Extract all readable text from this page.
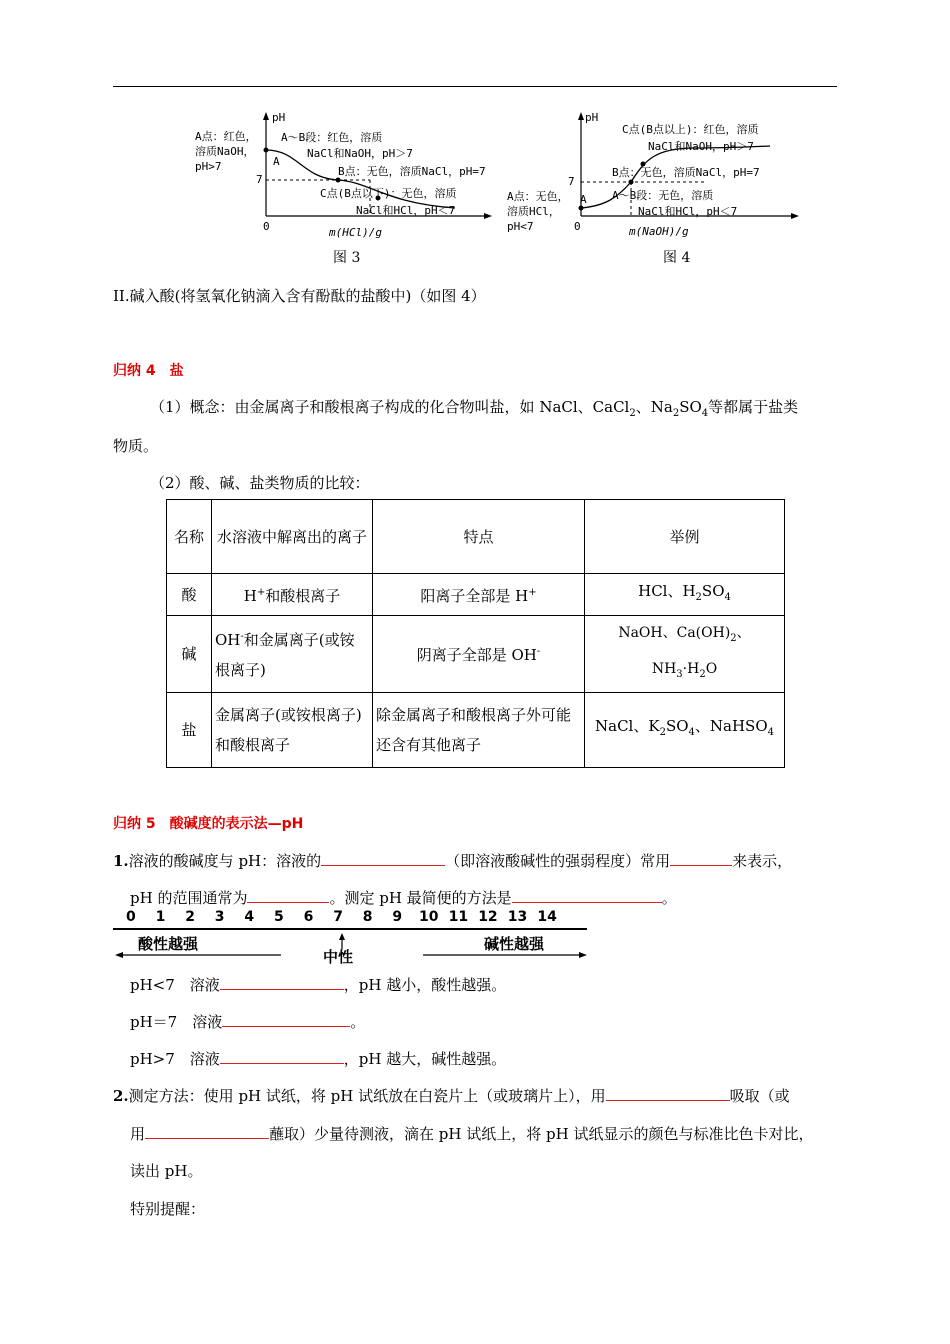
pH
A点：红色，
溶质NaOH，
pH>7	A
7
A～B段：红色，溶质
NaCl和NaOH，pH＞7
B点：无色，溶质NaCl，pH=7
C点(B点以下)：无色，溶质
NaCl和HCl，pH＜7
0	m(HCl)/g
图 3
pH
C点(B点以上)：红色，溶质
NaCl和NaOH，pH＞7
B点：无色，溶质NaCl，pH=7
7
A～B段：无色，溶质
NaCl和HCl，pH＜7
A点：无色，
溶质HCl，
pH<7
A
0	m(NaOH)/g
图 4
II.碱入酸(将氢氧化钠滴入含有酚酞的盐酸中)（如图 4）
归纳 4　盐
（1）概念：由金属离子和酸根离子构成的化合物叫盐，如 NaCl、CaCl$_2$、$Na_2SO_4$等都属于盐类
物质。
（2）酸、碱、盐类物质的比较：
名称	水溶液中解离出的离子	特点	举例
酸	H+和酸根离子	阳离子全部是 H+	HCl、$H_2SO_4$
碱	OH-和金属离子(或铵根离子)	阴离子全部是 OH-	NaOH、$Ca(OH)_2$、$NH_3\cdot H_2O$
盐	金属离子(或铵根离子)和酸根离子	除金属离子和酸根离子外可能还含有其他离子	NaCl、$K_2SO_4$、NaHSO$_4$
归纳 5　酸碱度的表示法—pH
1.溶液的酸碱度与 pH：溶液的	（即溶液酸碱性的强弱程度）常用	来表示，
pH 的范围通常为	。测定 pH 最简便的方法是	。
0 1 2 3 4 5 6 7 8 9 10 11 12 13 14
酸性越强
中性
碱性越强
pH<7　溶液	，pH 越小，酸性越强。
pH＝7　溶液	。
pH>7　溶液	，pH 越大，碱性越强。
2.测定方法：使用 pH 试纸，将 pH 试纸放在白瓷片上（或玻璃片上），用	吸取（或
用	蘸取）少量待测液，滴在 pH 试纸上，将 pH 试纸显示的颜色与标准比色卡对比，
读出 pH。
特别提醒：
